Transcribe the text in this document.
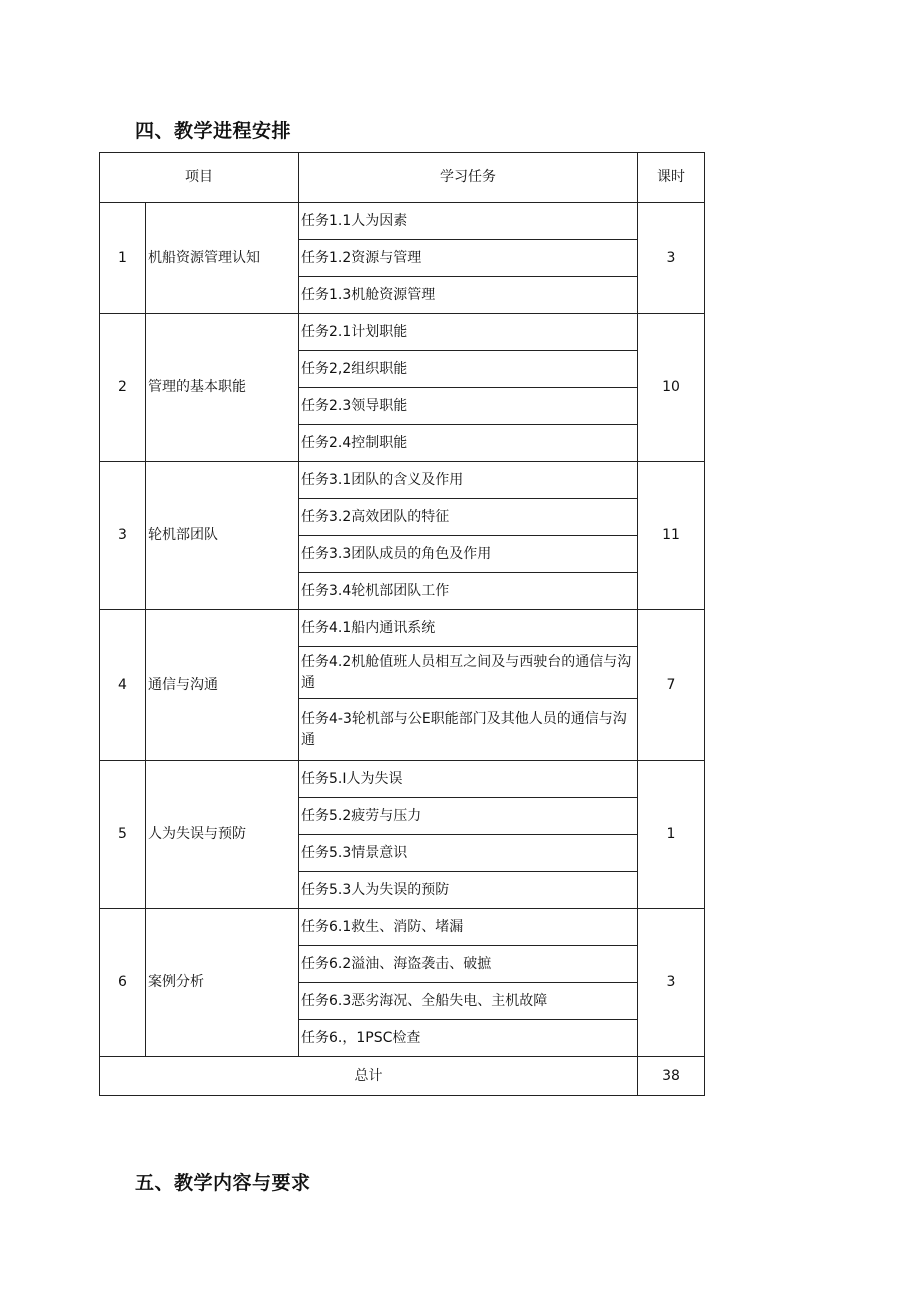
四、教学进程安排
项目		学习任务	课时
1	机船资源管理认知	任务1.1人为因素	3
		任务1.2资源与管理	
		任务1.3机舱资源管理	
2	管理的基本职能	任务2.1计划职能	10
		任务2,2组织职能	
		任务2.3领导职能	
		任务2.4控制职能	
3	轮机部团队	任务3.1团队的含义及作用	11
		任务3.2高效团队的特征	
		任务3.3团队成员的角色及作用	
		任务3.4轮机部团队工作	
4	通信与沟通	任务4.1船内通讯系统	7
		任务4.2机舱值班人员相互之间及与西驶台的通信与沟通	
		任务4-3轮机部与公E职能部门及其他人员的通信与沟通	
5	人为失误与预防	任务5.I人为失误	1
		任务5.2疲劳与压力	
		任务5.3情景意识	
		任务5.3人为失误的预防	
6	案例分析	任务6.1救生、消防、堵漏	3
		任务6.2溢油、海盗袭击、破摭	
		任务6.3恶劣海况、全船失电、主机故障	
		任务6.，1PSC检查	
总计			38
五、教学内容与要求
